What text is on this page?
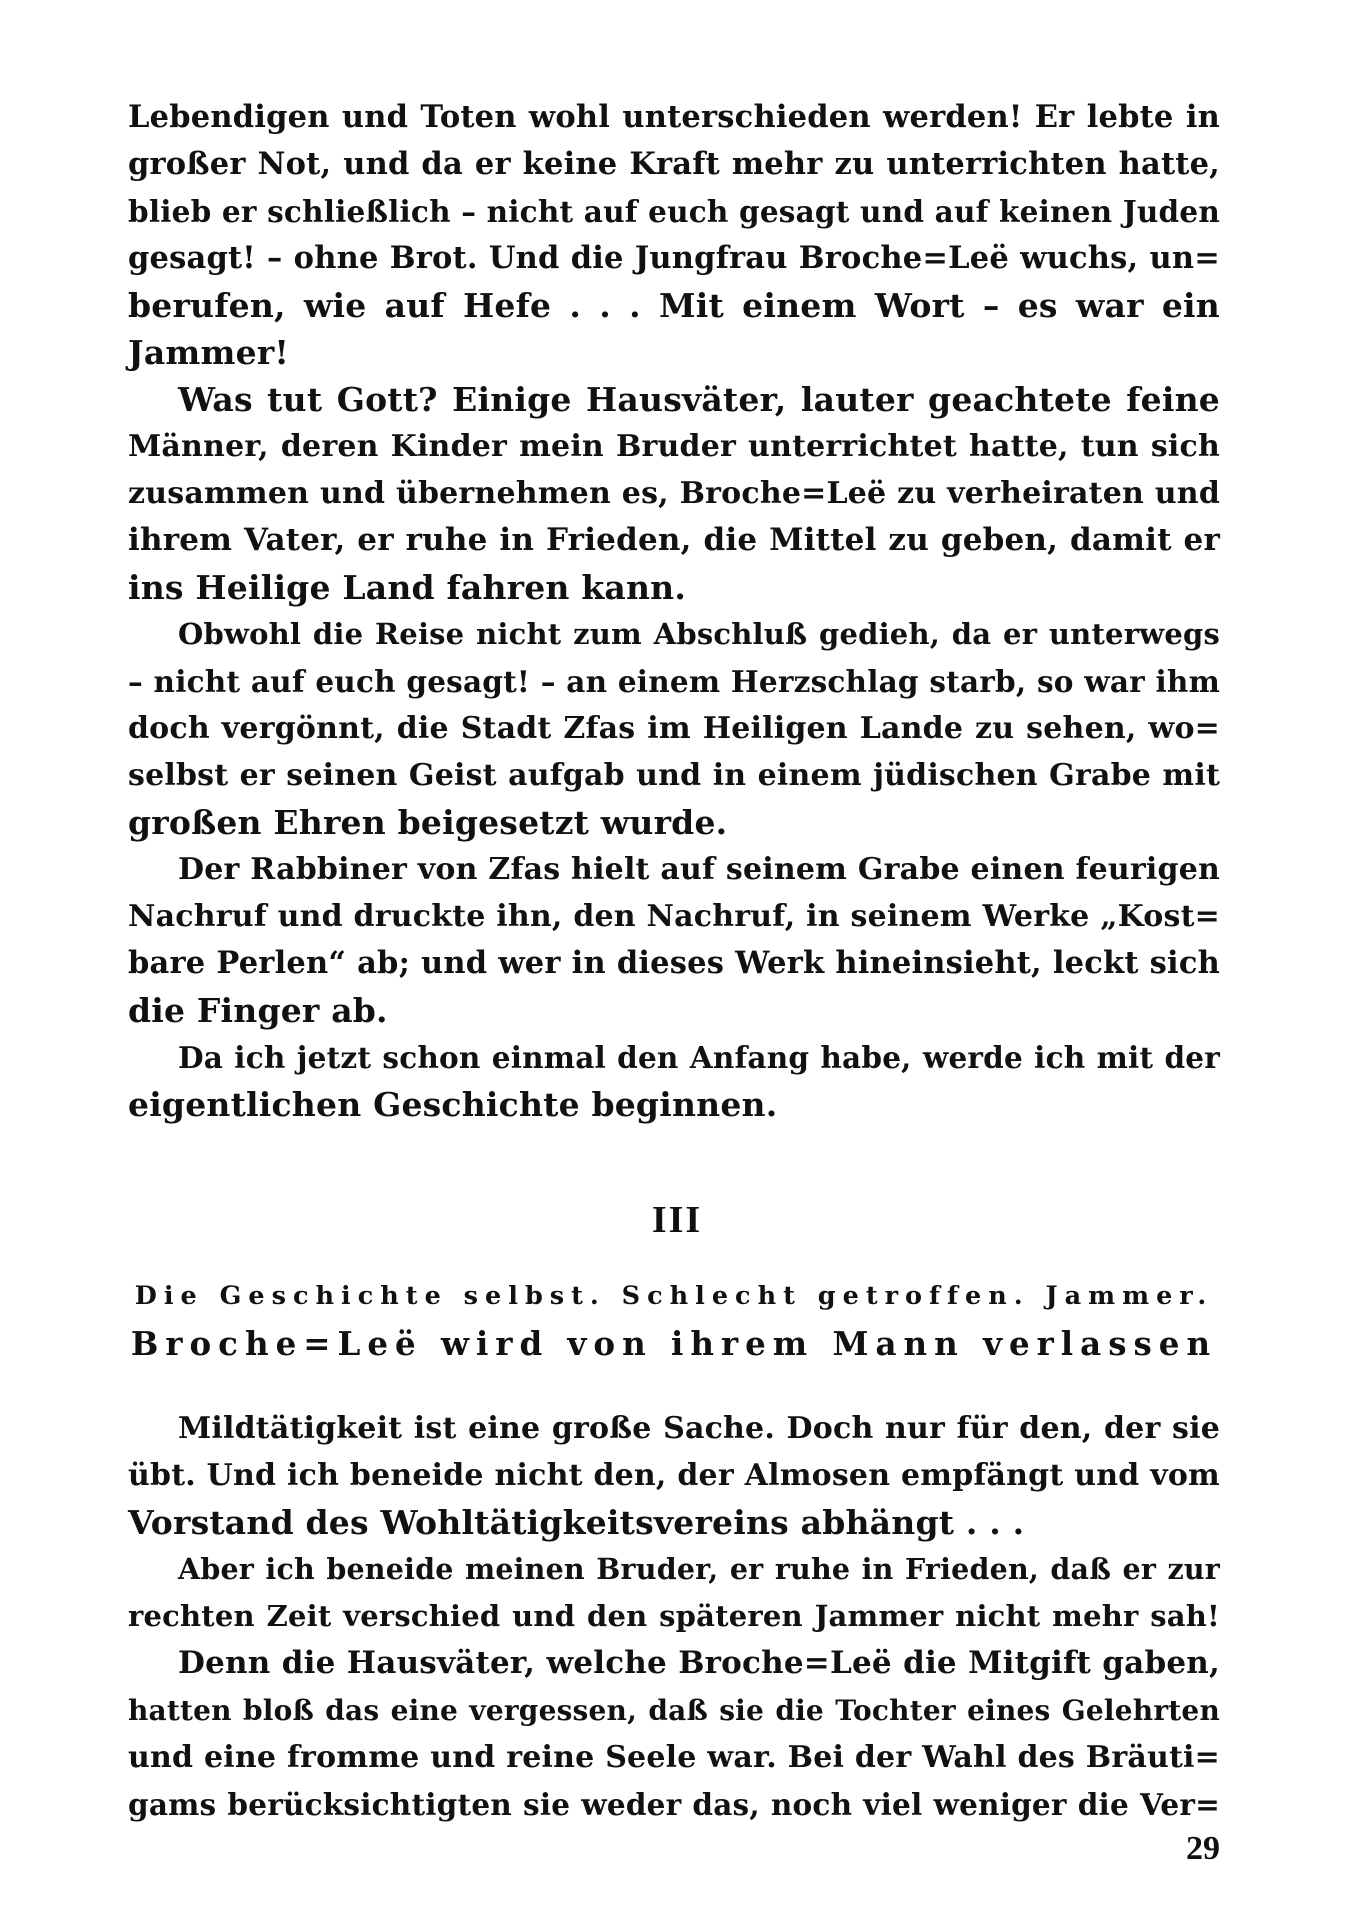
Lebendigen und Toten wohl unterschieden werden! Er lebte in
großer Not, und da er keine Kraft mehr zu unterrichten hatte,
blieb er schließlich – nicht auf euch gesagt und auf keinen Juden
gesagt! – ohne Brot. Und die Jungfrau Broche=Leë wuchs, un=
berufen, wie auf Hefe . . . Mit einem Wort – es war ein
Jammer!
Was tut Gott? Einige Hausväter, lauter geachtete feine
Männer, deren Kinder mein Bruder unterrichtet hatte, tun sich
zusammen und übernehmen es, Broche=Leë zu verheiraten und
ihrem Vater, er ruhe in Frieden, die Mittel zu geben, damit er
ins Heilige Land fahren kann.
Obwohl die Reise nicht zum Abschluß gedieh, da er unterwegs
– nicht auf euch gesagt! – an einem Herzschlag starb, so war ihm
doch vergönnt, die Stadt Zfas im Heiligen Lande zu sehen, wo=
selbst er seinen Geist aufgab und in einem jüdischen Grabe mit
großen Ehren beigesetzt wurde.
Der Rabbiner von Zfas hielt auf seinem Grabe einen feurigen
Nachruf und druckte ihn, den Nachruf, in seinem Werke „Kost=
bare Perlen“ ab; und wer in dieses Werk hineinsieht, leckt sich
die Finger ab.
Da ich jetzt schon einmal den Anfang habe, werde ich mit der
eigentlichen Geschichte beginnen.
III
Die Geschichte selbst. Schlecht getroffen. Jammer.
Broche=Leë wird von ihrem Mann verlassen
Mildtätigkeit ist eine große Sache. Doch nur für den, der sie
übt. Und ich beneide nicht den, der Almosen empfängt und vom
Vorstand des Wohltätigkeitsvereins abhängt . . .
Aber ich beneide meinen Bruder, er ruhe in Frieden, daß er zur
rechten Zeit verschied und den späteren Jammer nicht mehr sah!
Denn die Hausväter, welche Broche=Leë die Mitgift gaben,
hatten bloß das eine vergessen, daß sie die Tochter eines Gelehrten
und eine fromme und reine Seele war. Bei der Wahl des Bräuti=
gams berücksichtigten sie weder das, noch viel weniger die Ver=
29
